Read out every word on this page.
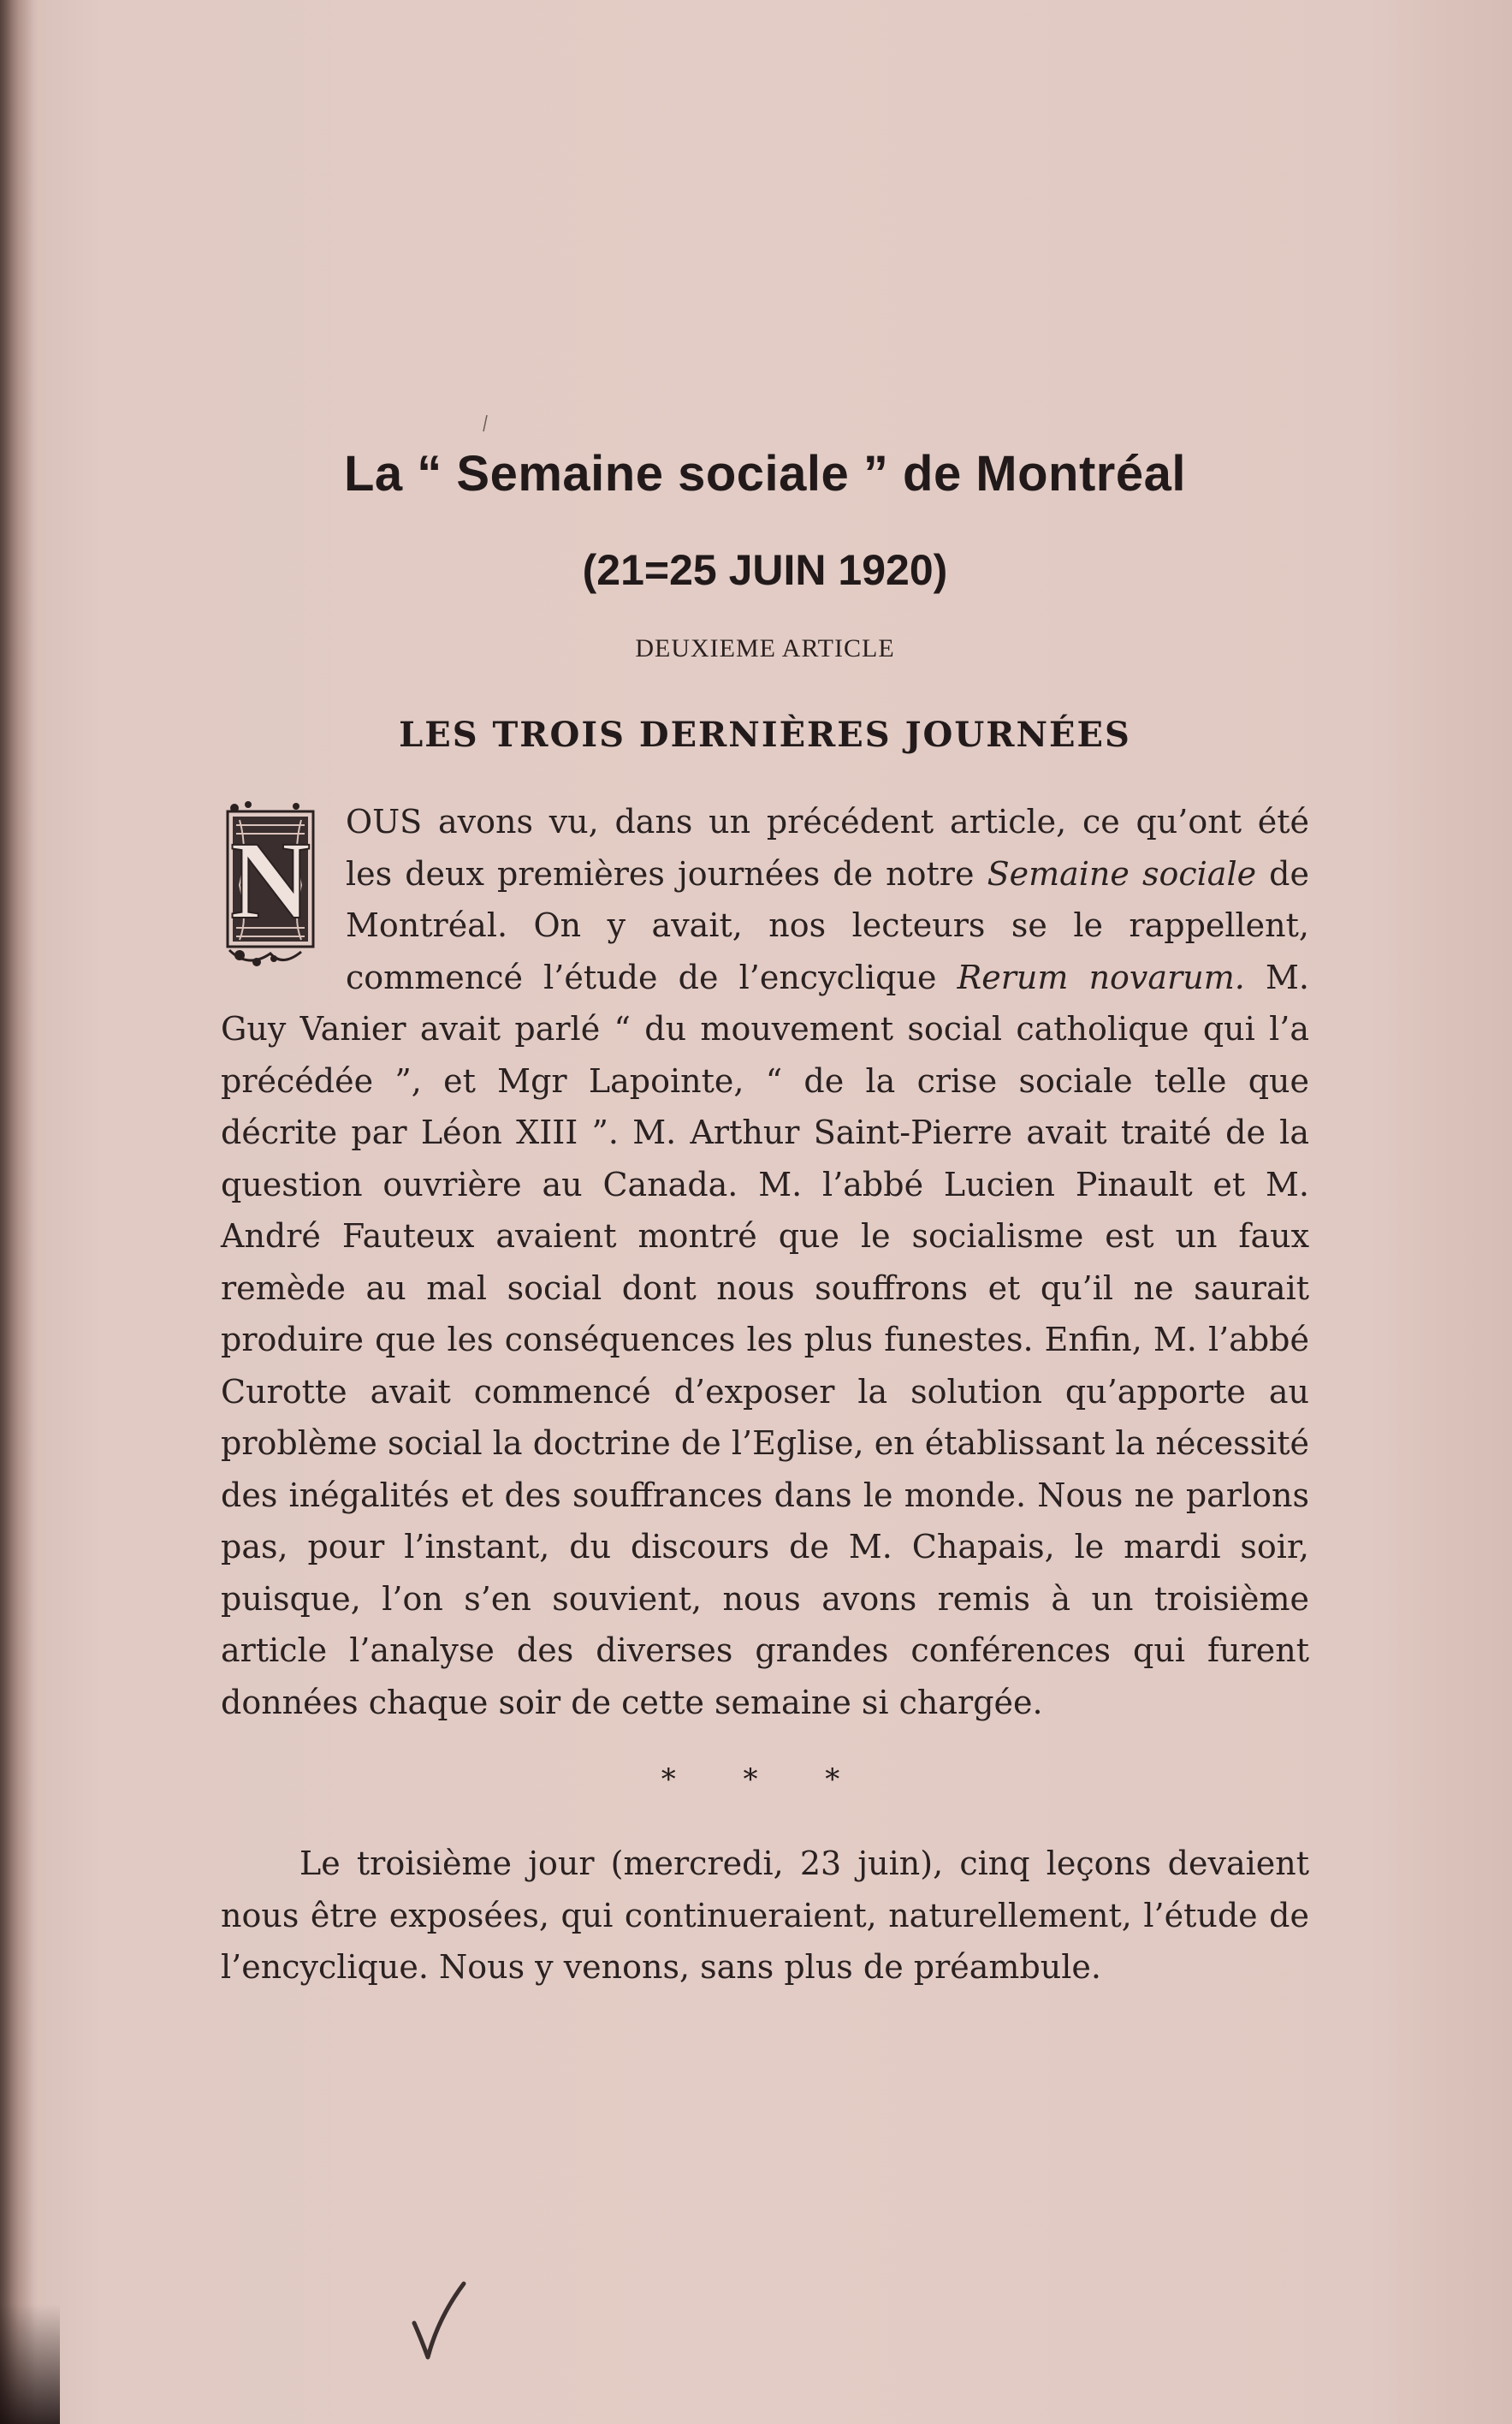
La “ Semaine sociale ” de Montréal
(21=25 JUIN 1920)
DEUXIEME ARTICLE
LES TROIS DERNIÈRES JOURNÉES
N OUS avons vu, dans un précédent article, ce qu’ont été les deux premières journées de notre Semaine sociale de Montréal. On y avait, nos lecteurs se le rappellent, commencé l’étude de l’encyclique Rerum novarum. M. Guy Vanier avait parlé “ du mouvement social catholique qui l’a précédée ”, et Mgr Lapointe, “ de la crise sociale telle que décrite par Léon XIII ”. M. Arthur Saint-Pierre avait traité de la question ouvrière au Canada. M. l’abbé Lucien Pinault et M. André Fauteux avaient montré que le socialisme est un faux remède au mal social dont nous souffrons et qu’il ne saurait produire que les conséquences les plus funestes. Enfin, M. l’abbé Curotte avait commencé d’exposer la solution qu’apporte au problème social la doctrine de l’Eglise, en établissant la nécessité des inégalités et des souffrances dans le monde. Nous ne parlons pas, pour l’instant, du discours de M. Chapais, le mardi soir, puisque, l’on s’en souvient, nous avons remis à un troisième article l’analyse des diverses grandes conférences qui furent données chaque soir de cette semaine si chargée.
* * *
Le troisième jour (mercredi, 23 juin), cinq leçons devaient nous être exposées, qui continueraient, naturellement, l’étude de l’encyclique. Nous y venons, sans plus de préambule.
